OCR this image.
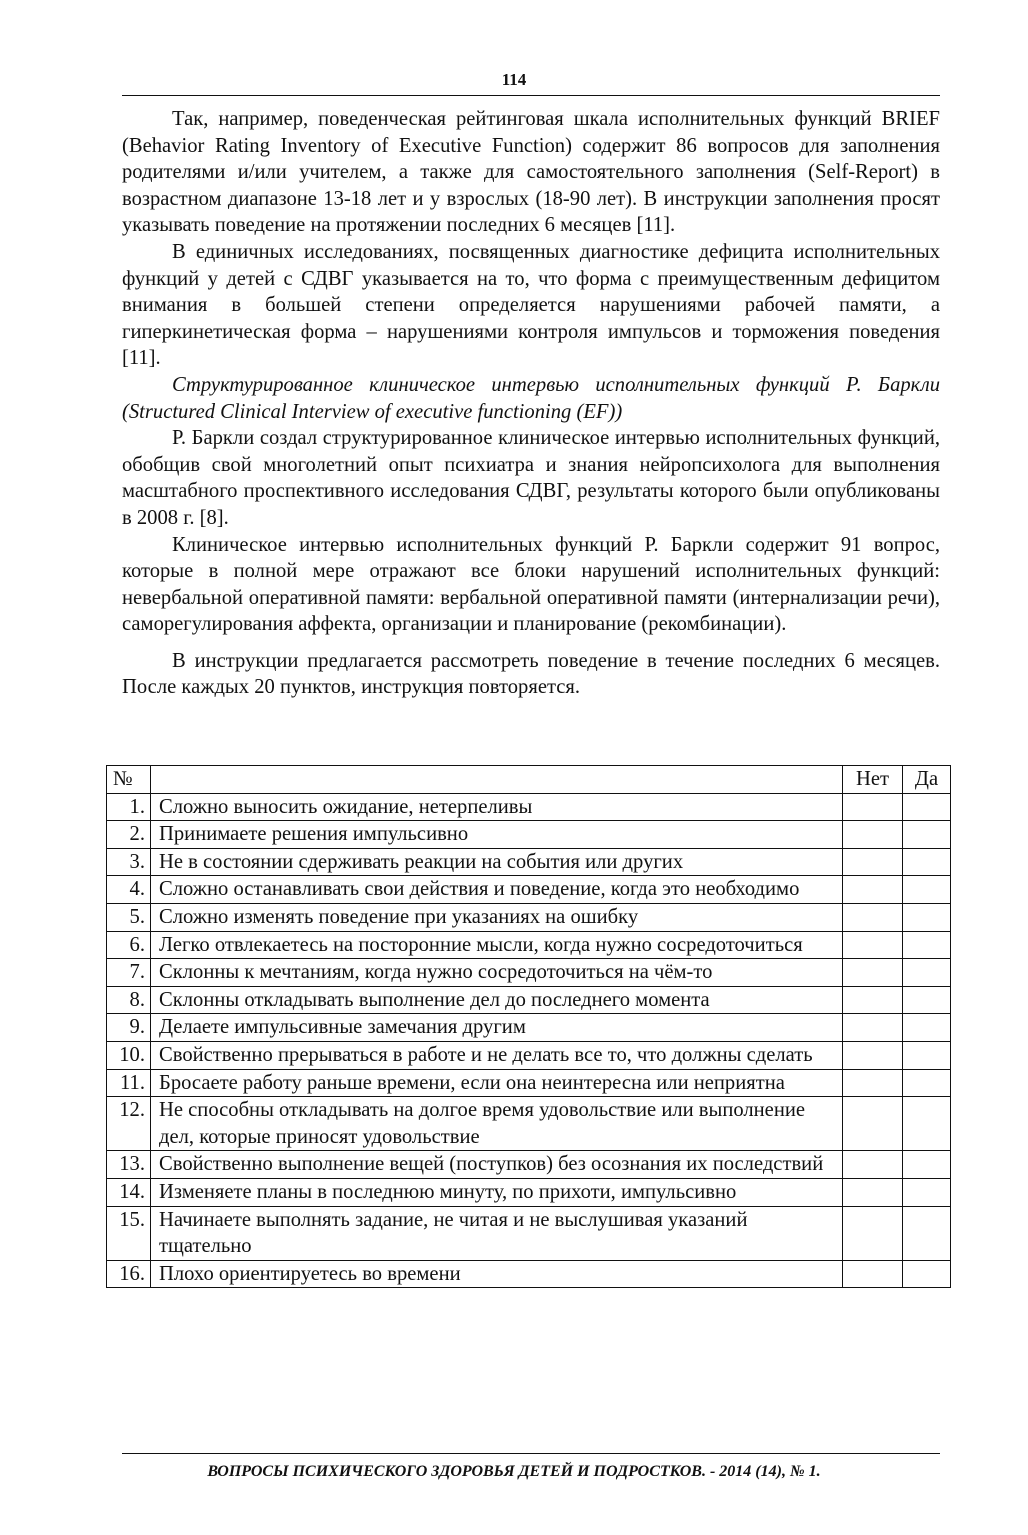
114

Так, например, поведенческая рейтинговая шкала исполнительных функций BRIEF (Behavior Rating Inventory of Executive Function) содержит 86 вопросов для заполнения родителями и/или учителем, а также для самостоятельного заполнения (Self-Report) в возрастном диапазоне 13-18 лет и у взрослых (18-90 лет). В инструкции заполнения просят указывать поведение на протяжении последних 6 месяцев [11].

В единичных исследованиях, посвященных диагностике дефицита исполнительных функций у детей с СДВГ указывается на то, что форма с преимущественным дефицитом внимания в большей степени определяется нарушениями рабочей памяти, а гиперкинетическая форма – нарушениями контроля импульсов и торможения поведения [11].

Структурированное клиническое интервью исполнительных функций Р. Баркли (Structured Clinical Interview of executive functioning (EF))

Р. Баркли создал структурированное клиническое интервью исполнительных функций, обобщив свой многолетний опыт психиатра и знания нейропсихолога для выполнения масштабного проспективного исследования СДВГ, результаты которого были опубликованы в 2008 г. [8].

Клиническое интервью исполнительных функций Р. Баркли содержит 91 вопрос, которые в полной мере отражают все блоки нарушений исполнительных функций: невербальной оперативной памяти: вербальной оперативной памяти (интернализации речи), саморегулирования аффекта, организации и планирование (рекомбинации).

В инструкции предлагается рассмотреть поведение в течение последних 6 месяцев. После каждых 20 пунктов, инструкция повторяется.

№		Нет	Да
1.	Сложно выносить ожидание, нетерпеливы		
2.	Принимаете решения импульсивно		
3.	Не в состоянии сдерживать реакции на события или других		
4.	Сложно останавливать свои действия и поведение, когда это необходимо		
5.	Сложно изменять поведение при указаниях на ошибку		
6.	Легко отвлекаетесь на посторонние мысли, когда нужно сосредоточиться		
7.	Склонны к мечтаниям, когда нужно сосредоточиться на чём-то		
8.	Склонны откладывать выполнение дел до последнего момента		
9.	Делаете импульсивные замечания другим		
10.	Свойственно прерываться в работе и не делать все то, что должны сделать		
11.	Бросаете работу раньше времени, если она неинтересна или неприятна		
12.	Не способны откладывать на долгое время удовольствие или выполнение дел, которые приносят удовольствие		
13.	Свойственно выполнение вещей (поступков) без осознания их последствий		
14.	Изменяете планы в последнюю минуту, по прихоти, импульсивно		
15.	Начинаете выполнять задание, не читая и не выслушивая указаний тщательно		
16.	Плохо ориентируетесь во времени		
ВОПРОСЫ ПСИХИЧЕСКОГО ЗДОРОВЬЯ ДЕТЕЙ И ПОДРОСТКОВ. - 2014 (14), № 1.
